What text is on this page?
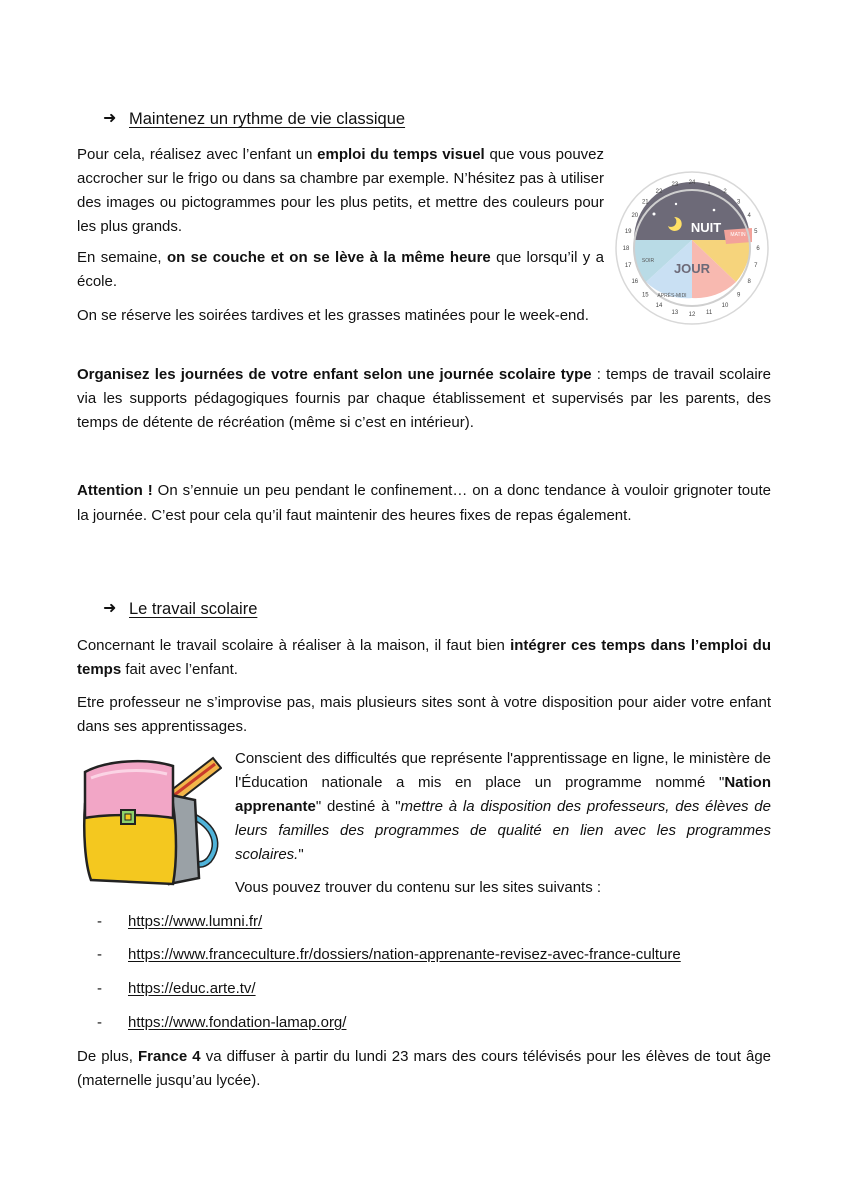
➜ Maintenez un rythme de vie classique
Pour cela, réalisez avec l’enfant un emploi du temps visuel que vous pouvez accrocher sur le frigo ou dans sa chambre par exemple. N’hésitez pas à utiliser des images ou pictogrammes pour les plus petits, et mettre des couleurs pour les plus grands.
En semaine, on se couche et on se lève à la même heure que lorsqu’il y a école.
On se réserve les soirées tardives et les grasses matinées pour le week-end.
NUIT
JOUR
MATIN
APRÈS-MIDI
SOIR
24 1
2
3
4
5
6
7
8
9
10
11
12
13
14
15
16
17
18
19
20
21
22
23
Organisez les journées de votre enfant selon une journée scolaire type : temps de travail scolaire via les supports pédagogiques fournis par chaque établissement et supervisés par les parents, des temps de détente de récréation (même si c’est en intérieur).
Attention ! On s’ennuie un peu pendant le confinement… on a donc tendance à vouloir grignoter toute la journée. C’est pour cela qu’il faut maintenir des heures fixes de repas également.
➜ Le travail scolaire
Concernant le travail scolaire à réaliser à la maison, il faut bien intégrer ces temps dans l’emploi du temps fait avec l’enfant.
Etre professeur ne s’improvise pas, mais plusieurs sites sont à votre disposition pour aider votre enfant dans ses apprentissages.
Conscient des difficultés que représente l'apprentissage en ligne, le ministère de l'Éducation nationale a mis en place un programme nommé "Nation apprenante" destiné à "mettre à la disposition des professeurs, des élèves de leurs familles des programmes de qualité en lien avec les programmes scolaires."
Vous pouvez trouver du contenu sur les sites suivants :
-	https://www.lumni.fr/
-	https://www.franceculture.fr/dossiers/nation-apprenante-revisez-avec-france-culture
-	https://educ.arte.tv/
-	https://www.fondation-lamap.org/
De plus, France 4 va diffuser à partir du lundi 23 mars des cours télévisés pour les élèves de tout âge (maternelle jusqu’au lycée).
